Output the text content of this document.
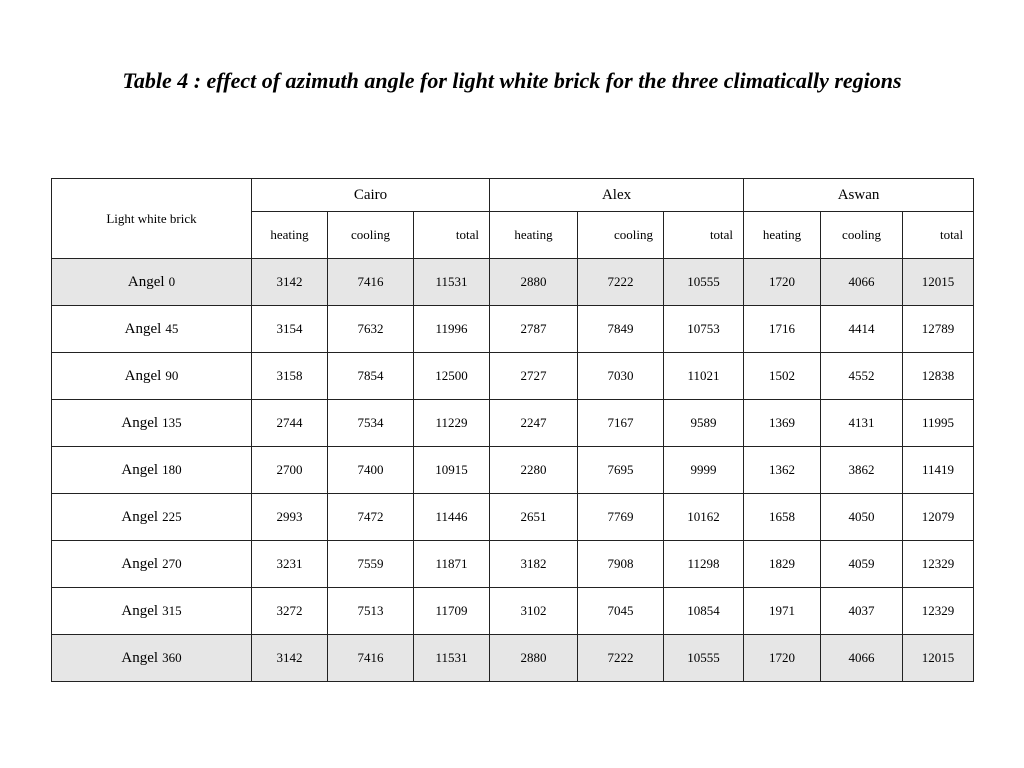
Table 4 : effect of azimuth angle for light white brick for the three climatically regions
Light white brick	Cairo			Alex			Aswan		
	heating	cooling	total	heating	cooling	total	heating	cooling	total
Angel 0	3142	7416	11531	2880	7222	10555	1720	4066	12015
Angel 45	3154	7632	11996	2787	7849	10753	1716	4414	12789
Angel 90	3158	7854	12500	2727	7030	11021	1502	4552	12838
Angel 135	2744	7534	11229	2247	7167	9589	1369	4131	11995
Angel 180	2700	7400	10915	2280	7695	9999	1362	3862	11419
Angel 225	2993	7472	11446	2651	7769	10162	1658	4050	12079
Angel 270	3231	7559	11871	3182	7908	11298	1829	4059	12329
Angel 315	3272	7513	11709	3102	7045	10854	1971	4037	12329
Angel 360	3142	7416	11531	2880	7222	10555	1720	4066	12015
